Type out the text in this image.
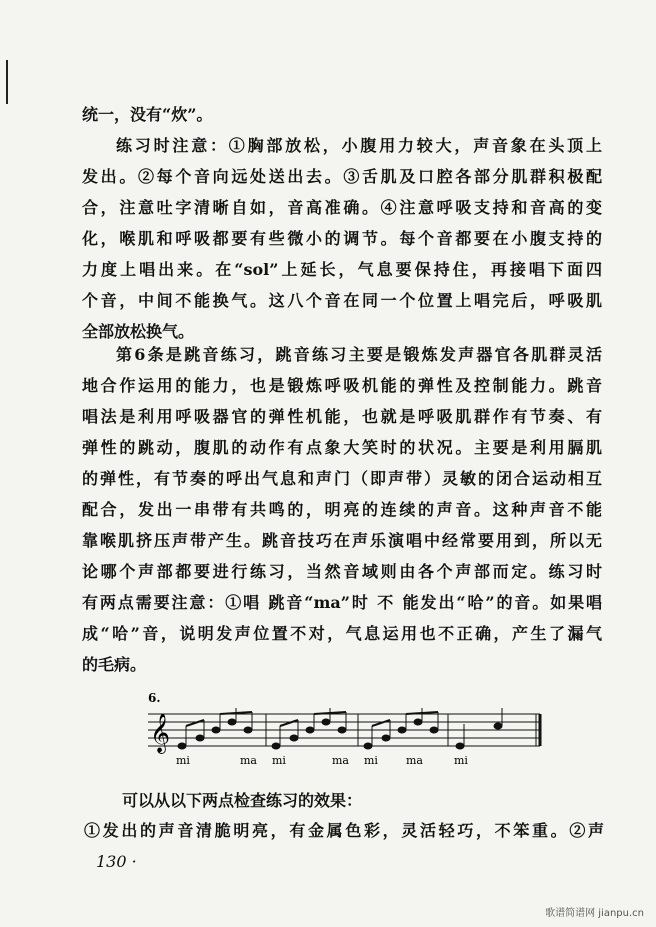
统一，没有“炊”。
练习时注意：①胸部放松，小腹用力较大，声音象在头顶上
发出。②每个音向远处送出去。③舌肌及口腔各部分肌群积极配
合，注意吐字清晰自如，音高准确。④注意呼吸支持和音高的变
化，喉肌和呼吸都要有些微小的调节。每个音都要在小腹支持的
力度上唱出来。在“sol”上延长，气息要保持住，再接唱下面四
个音，中间不能换气。这八个音在同一个位置上唱完后，呼吸肌
全部放松换气。
第6条是跳音练习，跳音练习主要是锻炼发声器官各肌群灵活
地合作运用的能力，也是锻炼呼吸机能的弹性及控制能力。跳音
唱法是利用呼吸器官的弹性机能，也就是呼吸肌群作有节奏、有
弹性的跳动，腹肌的动作有点象大笑时的状况。主要是利用膈肌
的弹性，有节奏的呼出气息和声门（即声带）灵敏的闭合运动相互
配合，发出一串带有共鸣的，明亮的连续的声音。这种声音不能
靠喉肌挤压声带产生。跳音技巧在声乐演唱中经常要用到，所以无
论哪个声部都要进行练习，当然音域则由各个声部而定。练习时
有两点需要注意：①唱 跳音“ma”时 不 能发出“哈”的音。如果唱
成“哈”音，说明发声位置不对，气息运用也不正确，产生了漏气
的毛病。
6.
𝄞
mi	ma mi	ma mi	ma	mi
可以从以下两点检查练习的效果：
①发出的声音清脆明亮，有金属色彩，灵活轻巧，不笨重。②声
130 ·
歌谱简谱网 jianpu.cn
